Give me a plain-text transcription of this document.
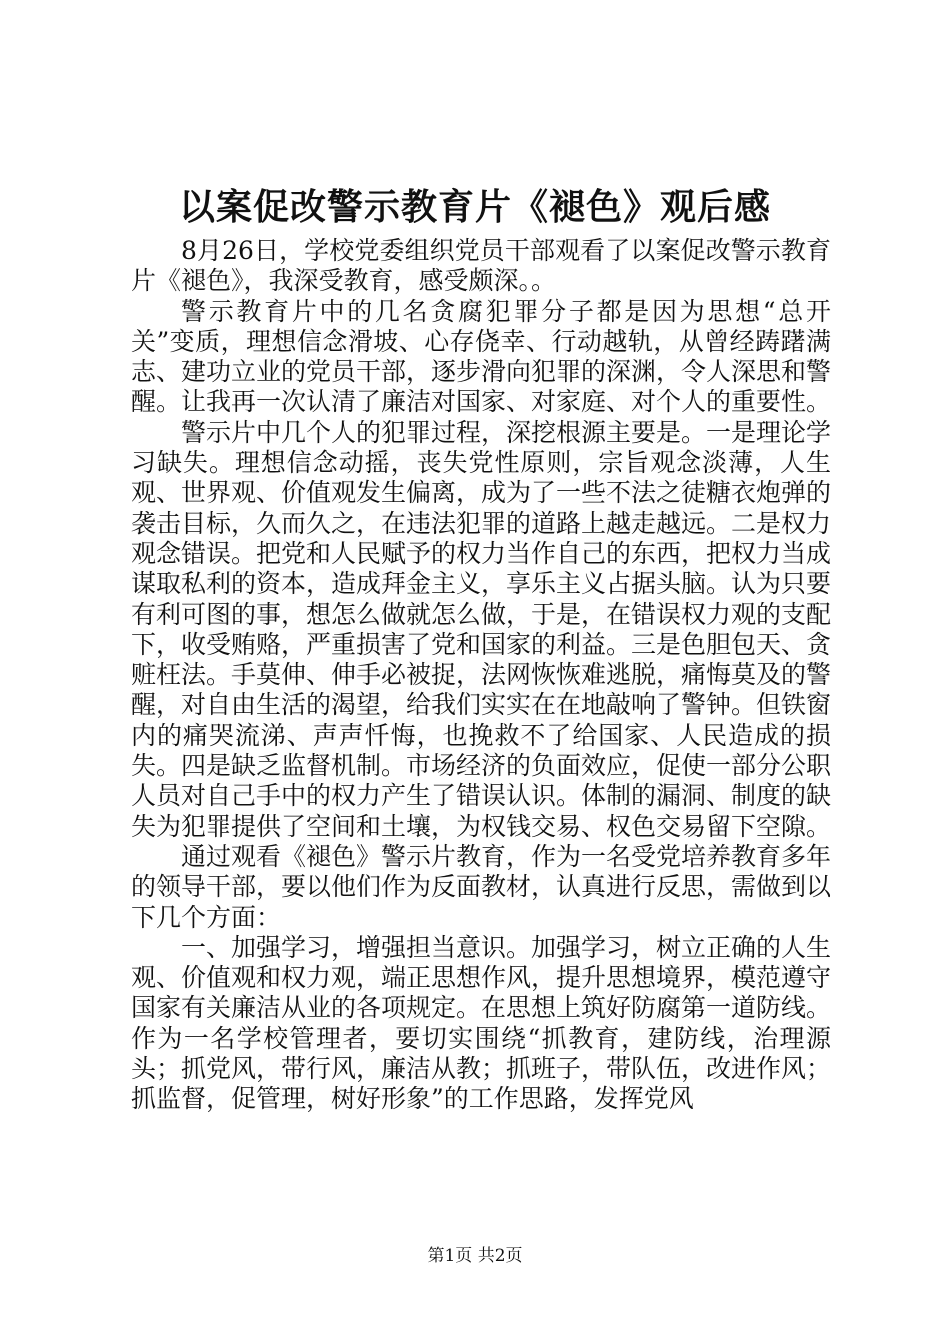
以案促改警示教育片《褪色》观后感

8月26日，学校党委组织党员干部观看了以案促改警示教育片《褪色》，我深受教育，感受颇深。。

警示教育片中的几名贪腐犯罪分子都是因为思想“总开关”变质，理想信念滑坡、心存侥幸、行动越轨，从曾经踌躇满志、建功立业的党员干部，逐步滑向犯罪的深渊，令人深思和警醒。让我再一次认清了廉洁对国家、对家庭、对个人的重要性。

警示片中几个人的犯罪过程，深挖根源主要是。一是理论学习缺失。理想信念动摇，丧失党性原则，宗旨观念淡薄，人生观、世界观、价值观发生偏离，成为了一些不法之徒糖衣炮弹的袭击目标，久而久之，在违法犯罪的道路上越走越远。二是权力观念错误。把党和人民赋予的权力当作自己的东西，把权力当成谋取私利的资本，造成拜金主义，享乐主义占据头脑。认为只要有利可图的事，想怎么做就怎么做，于是，在错误权力观的支配下，收受贿赂，严重损害了党和国家的利益。三是色胆包天、贪赃枉法。手莫伸、伸手必被捉，法网恢恢难逃脱，痛悔莫及的警醒，对自由生活的渴望，给我们实实在在地敲响了警钟。但铁窗内的痛哭流涕、声声忏悔，也挽救不了给国家、人民造成的损失。四是缺乏监督机制。市场经济的负面效应，促使一部分公职人员对自己手中的权力产生了错误认识。体制的漏洞、制度的缺失为犯罪提供了空间和土壤，为权钱交易、权色交易留下空隙。

通过观看《褪色》警示片教育，作为一名受党培养教育多年的领导干部，要以他们作为反面教材，认真进行反思，需做到以下几个方面：

一、加强学习，增强担当意识。加强学习，树立正确的人生观、价值观和权力观，端正思想作风，提升思想境界，模范遵守国家有关廉洁从业的各项规定。在思想上筑好防腐第一道防线。作为一名学校管理者，要切实围绕“抓教育，建防线，治理源头；抓党风，带行风，廉洁从教；抓班子，带队伍，改进作风；抓监督，促管理，树好形象”的工作思路，发挥党风

第1页 共2页
